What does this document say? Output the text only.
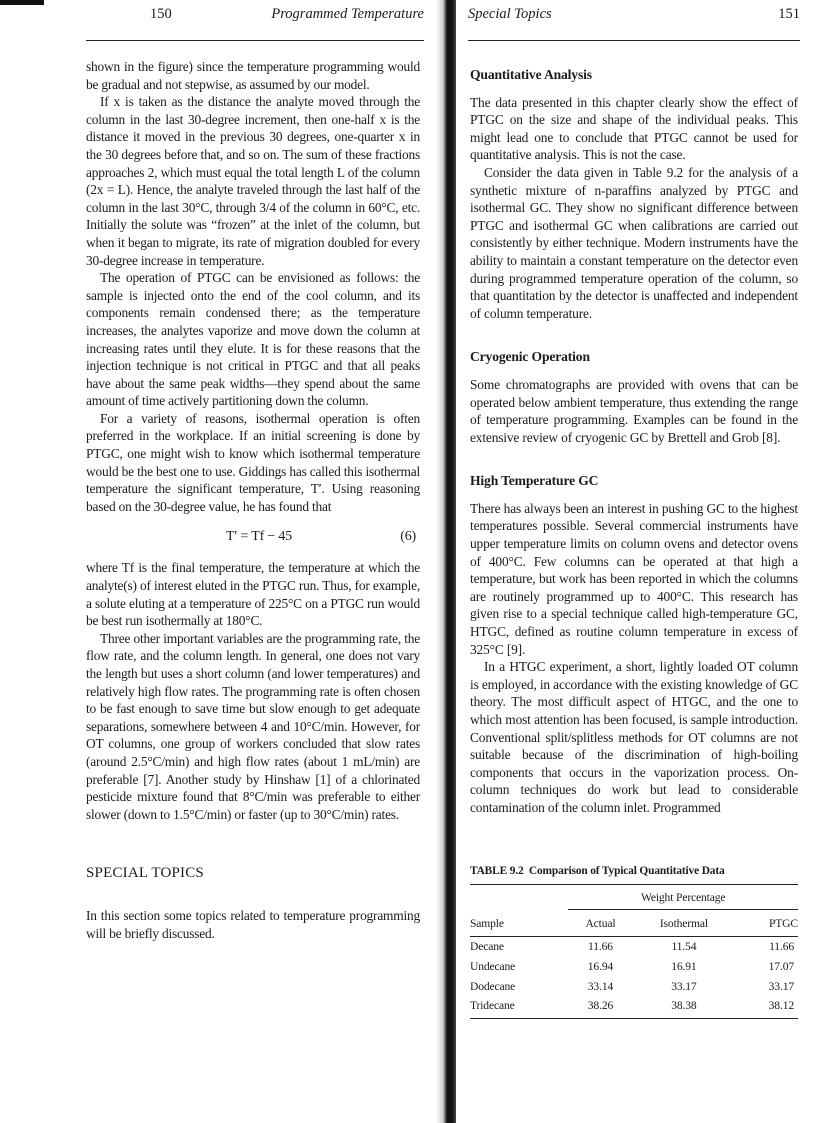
150	Programmed Temperature

shown in the figure) since the temperature programming would be gradual and not stepwise, as assumed by our model.

If x is taken as the distance the analyte moved through the column in the last 30-degree increment, then one-half x is the distance it moved in the previous 30 degrees, one-quarter x in the 30 degrees before that, and so on. The sum of these fractions approaches 2, which must equal the total length L of the column (2x = L). Hence, the analyte traveled through the last half of the column in the last 30°C, through 3/4 of the column in 60°C, etc. Initially the solute was “frozen” at the inlet of the column, but when it began to migrate, its rate of migration doubled for every 30-degree increase in temperature.

The operation of PTGC can be envisioned as follows: the sample is injected onto the end of the cool column, and its components remain condensed there; as the temperature increases, the analytes vaporize and move down the column at increasing rates until they elute. It is for these reasons that the injection technique is not critical in PTGC and that all peaks have about the same peak widths—they spend about the same amount of time actively partitioning down the column.

For a variety of reasons, isothermal operation is often preferred in the workplace. If an initial screening is done by PTGC, one might wish to know which isothermal temperature would be the best one to use. Giddings has called this isothermal temperature the significant temperature, T′. Using reasoning based on the 30-degree value, he has found that

T′ = Tf − 45	(6)

where Tf is the final temperature, the temperature at which the analyte(s) of interest eluted in the PTGC run. Thus, for example, a solute eluting at a temperature of 225°C on a PTGC run would be best run isothermally at 180°C.

Three other important variables are the programming rate, the flow rate, and the column length. In general, one does not vary the length but uses a short column (and lower temperatures) and relatively high flow rates. The programming rate is often chosen to be fast enough to save time but slow enough to get adequate separations, somewhere between 4 and 10°C/min. However, for OT columns, one group of workers concluded that slow rates (around 2.5°C/min) and high flow rates (about 1 mL/min) are preferable [7]. Another study by Hinshaw [1] of a chlorinated pesticide mixture found that 8°C/min was preferable to either slower (down to 1.5°C/min) or faster (up to 30°C/min) rates.

SPECIAL TOPICS

In this section some topics related to temperature programming will be briefly discussed.

Special Topics	151
Quantitative Analysis

The data presented in this chapter clearly show the effect of PTGC on the size and shape of the individual peaks. This might lead one to conclude that PTGC cannot be used for quantitative analysis. This is not the case.

Consider the data given in Table 9.2 for the analysis of a synthetic mixture of n-paraffins analyzed by PTGC and isothermal GC. They show no significant difference between PTGC and isothermal GC when calibrations are carried out consistently by either technique. Modern instruments have the ability to maintain a constant temperature on the detector even during programmed temperature operation of the column, so that quantitation by the detector is unaffected and independent of column temperature.

Cryogenic Operation

Some chromatographs are provided with ovens that can be operated below ambient temperature, thus extending the range of temperature programming. Examples can be found in the extensive review of cryogenic GC by Brettell and Grob [8].

High Temperature GC

There has always been an interest in pushing GC to the highest temperatures possible. Several commercial instruments have upper temperature limits on column ovens and detector ovens of 400°C. Few columns can be operated at that high a temperature, but work has been reported in which the columns are routinely programmed up to 400°C. This research has given rise to a special technique called high-temperature GC, HTGC, defined as routine column temperature in excess of 325°C [9].

In a HTGC experiment, a short, lightly loaded OT column is employed, in accordance with the existing knowledge of GC theory. The most difficult aspect of HTGC, and the one to which most attention has been focused, is sample introduction. Conventional split/splitless methods for OT columns are not suitable because of the discrimination of high-boiling components that occurs in the vaporization process. On-column techniques do work but lead to considerable contamination of the column inlet. Programmed

TABLE 9.2 Comparison of Typical Quantitative Data

	Weight Percentage		
Sample	Actual	Isothermal	PTGC
Decane	11.66	11.54	11.66
Undecane	16.94	16.91	17.07
Dodecane	33.14	33.17	33.17
Tridecane	38.26	38.38	38.12
